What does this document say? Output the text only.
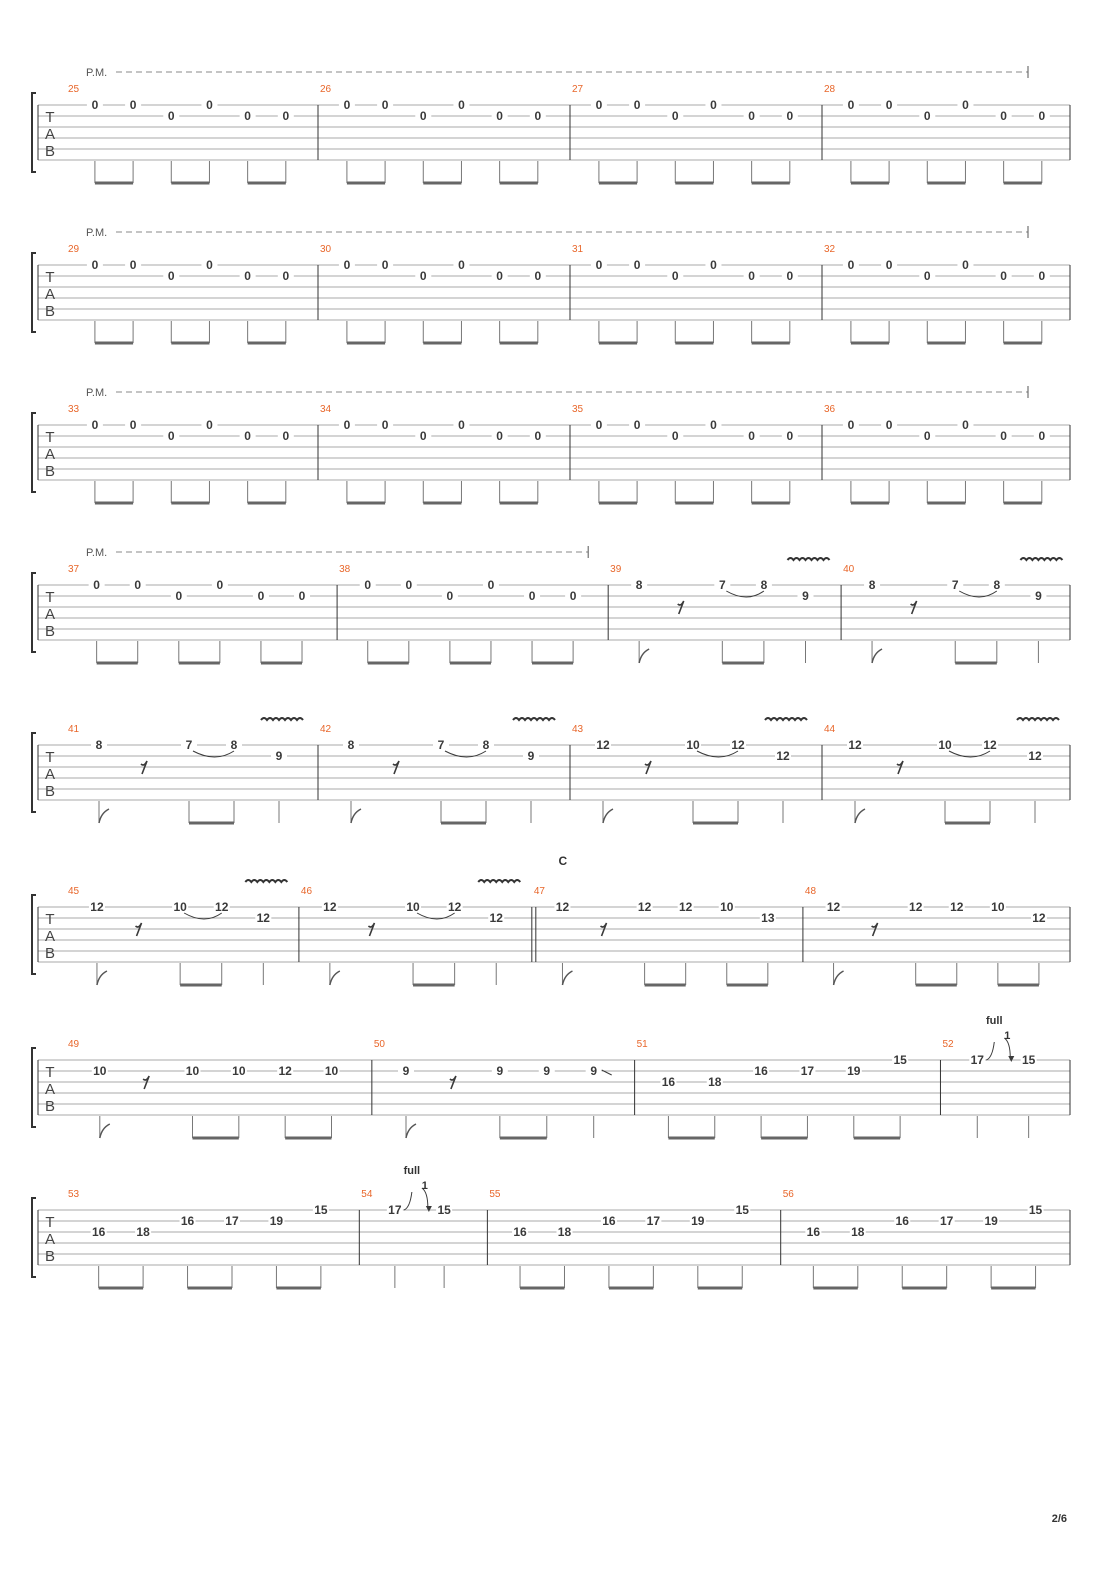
T
A
B
25
0	0
0
0
0	0
26
0	0
0
0
0	0
27
0	0
0
0
0	0
28
0	0
0
0
0	0
P.M.
T
A
B
29
0	0
0
0
0	0
30
0	0
0
0
0	0
31
0	0
0
0
0	0
32
0	0
0
0
0	0
P.M.
T
A
B
33
0	0
0
0
0	0
34
0	0
0
0
0	0
35
0	0
0
0
0	0
36
0	0
0
0
0	0
P.M.
T
A
B
37
0	0
0
0
0	0
38
0	0
0
0
0	0
39
8	7	8
9
40
8	7	8
9
P.M.
T
A
B
41
8	7	8
9
42
8	7	8
9
43
12	10	12
12
44
12	10	12
12
T
A
B
45
12	10 12
12
46
12	10 12
12
47
C
12	12 12 10
13
48
12	12 12 10
12
T
A
B
49
10	10	10	12	10
50
9	9	9	9
51
16	18
16	17	19
15
52
17
full
1
15
T
A
B
53
16	18
16	17	19
15
54
17
full
1
15
55
16	18
16	17	19
15
56
16	18
16	17	19
15
2/6
